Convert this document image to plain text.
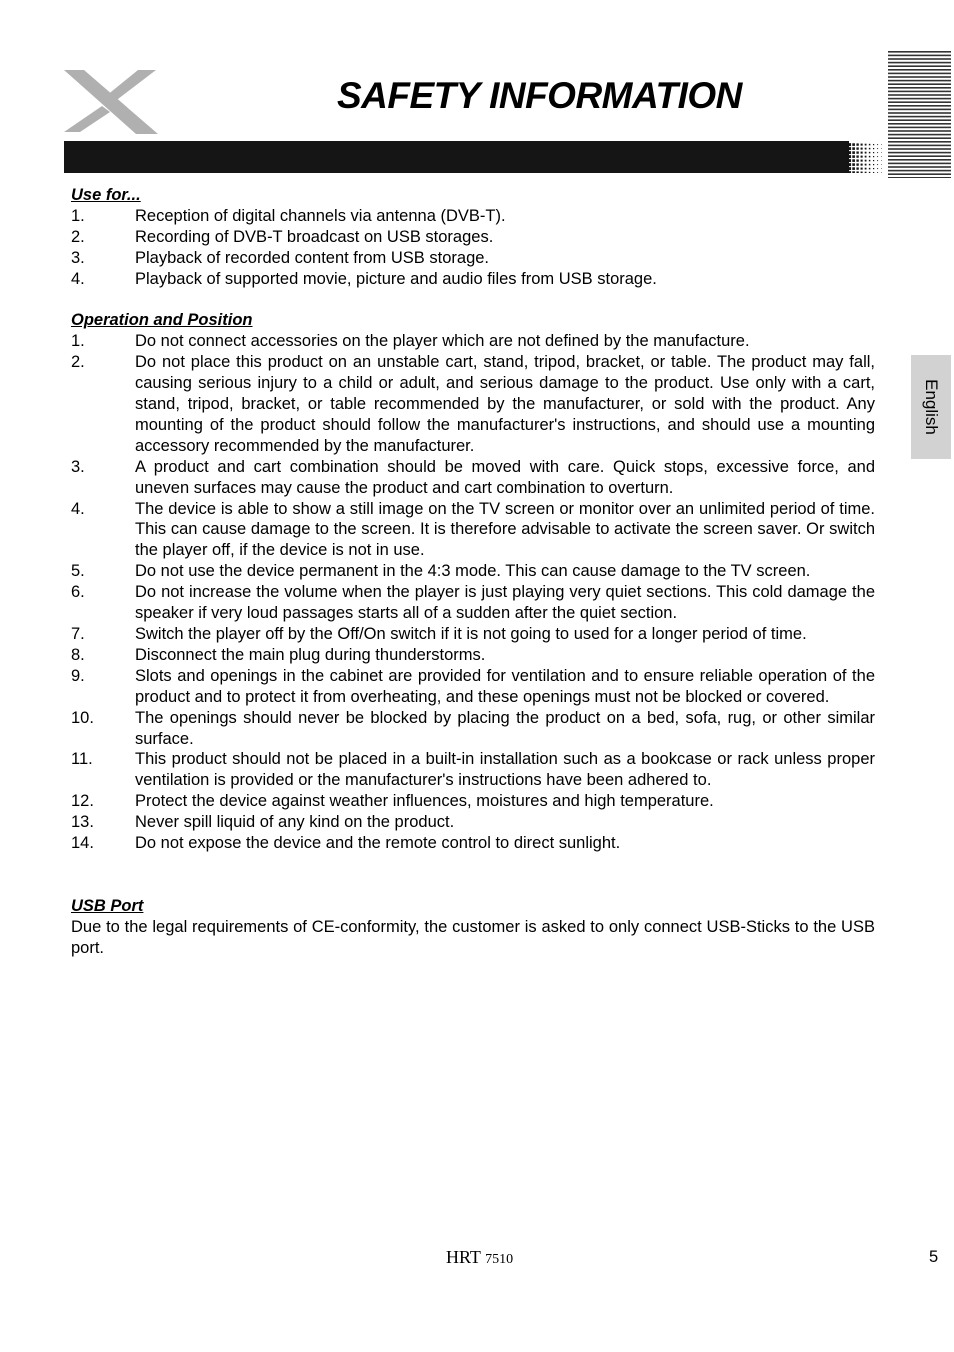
SAFETY INFORMATION
English
Use for...
1.	Reception of digital channels via antenna (DVB-T).
2.	Recording of DVB-T broadcast on USB storages.
3.	Playback of recorded content from USB storage.
4.	Playback of supported movie, picture and audio files from USB storage.
Operation and Position
1.	Do not connect accessories on the player which are not defined by the manufacture.
2.	Do not place this product on an unstable cart, stand, tripod, bracket, or table. The product may fall, causing serious injury to a child or adult, and serious damage to the product. Use only with a cart, stand, tripod, bracket, or table recommended by the manufacturer, or sold with the product. Any mounting of the product should follow the manufacturer's instructions, and should use a mounting accessory recommended by the manufacturer.
3.	A product and cart combination should be moved with care. Quick stops, excessive force, and uneven surfaces may cause the product and cart combination to overturn.
4.	The device is able to show a still image on the TV screen or monitor over an unlimited period of time. This can cause damage to the screen. It is therefore advisable to activate the screen saver. Or switch the player off, if the device is not in use.
5.	Do not use the device permanent in the 4:3 mode. This can cause damage to the TV screen.
6.	Do not increase the volume when the player is just playing very quiet sections. This cold damage the speaker if very loud passages starts all of a sudden after the quiet section.
7.	Switch the player off by the Off/On switch if it is not going to used for a longer period of time.
8.	Disconnect the main plug during thunderstorms.
9.	Slots and openings in the cabinet are provided for ventilation and to ensure reliable operation of the product and to protect it from overheating, and these openings must not be blocked or covered.
10.	The openings should never be blocked by placing the product on a bed, sofa, rug, or other similar surface.
11.	This product should not be placed in a built-in installation such as a bookcase or rack unless proper ventilation is provided or the manufacturer's instructions have been adhered to.
12.	Protect the device against weather influences, moistures and high temperature.
13.	Never spill liquid of any kind on the product.
14.	Do not expose the device and the remote control to direct sunlight.
USB Port
Due to the legal requirements of CE-conformity, the customer is asked to only connect USB-Sticks to the USB port.
HRT 7510	5
